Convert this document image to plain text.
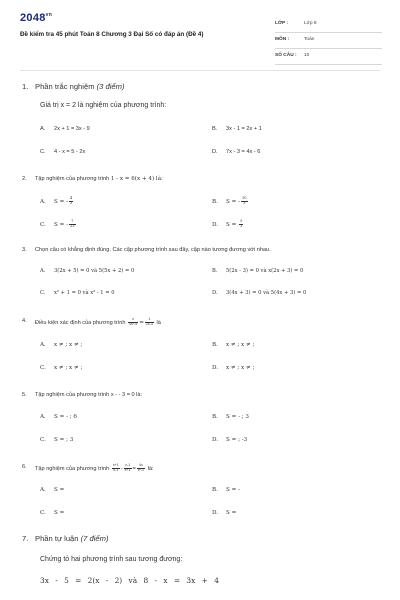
$2048^{vn}$
Đề kiểm tra 45 phút Toán 8 Chương 3 Đại Số có đáp án (Đề 4)
LỚP :	Lớp 8
MÔN :	Toán
SỐ CÂU : 10
1. Phần trắc nghiệm (3 điểm)
Giá trị x = 2 là nghiệm của phương trình:
A. 2x + 1 = 3x - 9	B. 3x - 1 = 2x + 1
C. 4 - x = 5 - 2x	D. 7x - 3 = 4x - 6
2. Tập nghiệm của phương trình 1 - x = 6(x + 4) là:
A. S = - $\frac{4}{3}$	B. S = - $\frac{10}{3}$
C. S = - $\frac{7}{23}$	D. $S = \frac{5}{3}$
3. Chọn câu có khẳng định đúng. Các cặp phương trình sau đây, cặp nào tương đương với nhau.
A. 3(2x + 5) = 0 và 5(5x + 2) = 0	B. 5(2x - 3) = 0 và x(2x + 3) = 0
C. x² + 1 = 0 và x² - 1 = 0	D. 3(4x + 3) = 0 và 5(4x + 3) = 0
4. Điều kiện xác định của phương trình $\frac{x}{\text{4x²-9}} = \frac{1}{2x-3}$ là
A. x ≠ ; x ≠ ;	B. x ≠ ; x ≠ ;
C. x ≠ ; x ≠ ;	D. x ≠ ; x ≠ ;
5. Tập nghiệm của phương trình x - - 3 = 0 là:
A. S = - ; 6	B. S = - ; 3
C. S = ; 3	D. S = ; -3
6. Tập nghiệm của phương trình $\frac{x+1}{x-1} - \frac{x-1}{x+1} = \frac{4x}{\text{x²-1}}$ là:
A. S =	B. S = -
C. S =	D. S =
7. Phần tự luận (7 điểm)
Chứng tỏ hai phương trình sau tương đương:
3x - 5 = 2(x - 2) và 8 - x = 3x + 4
